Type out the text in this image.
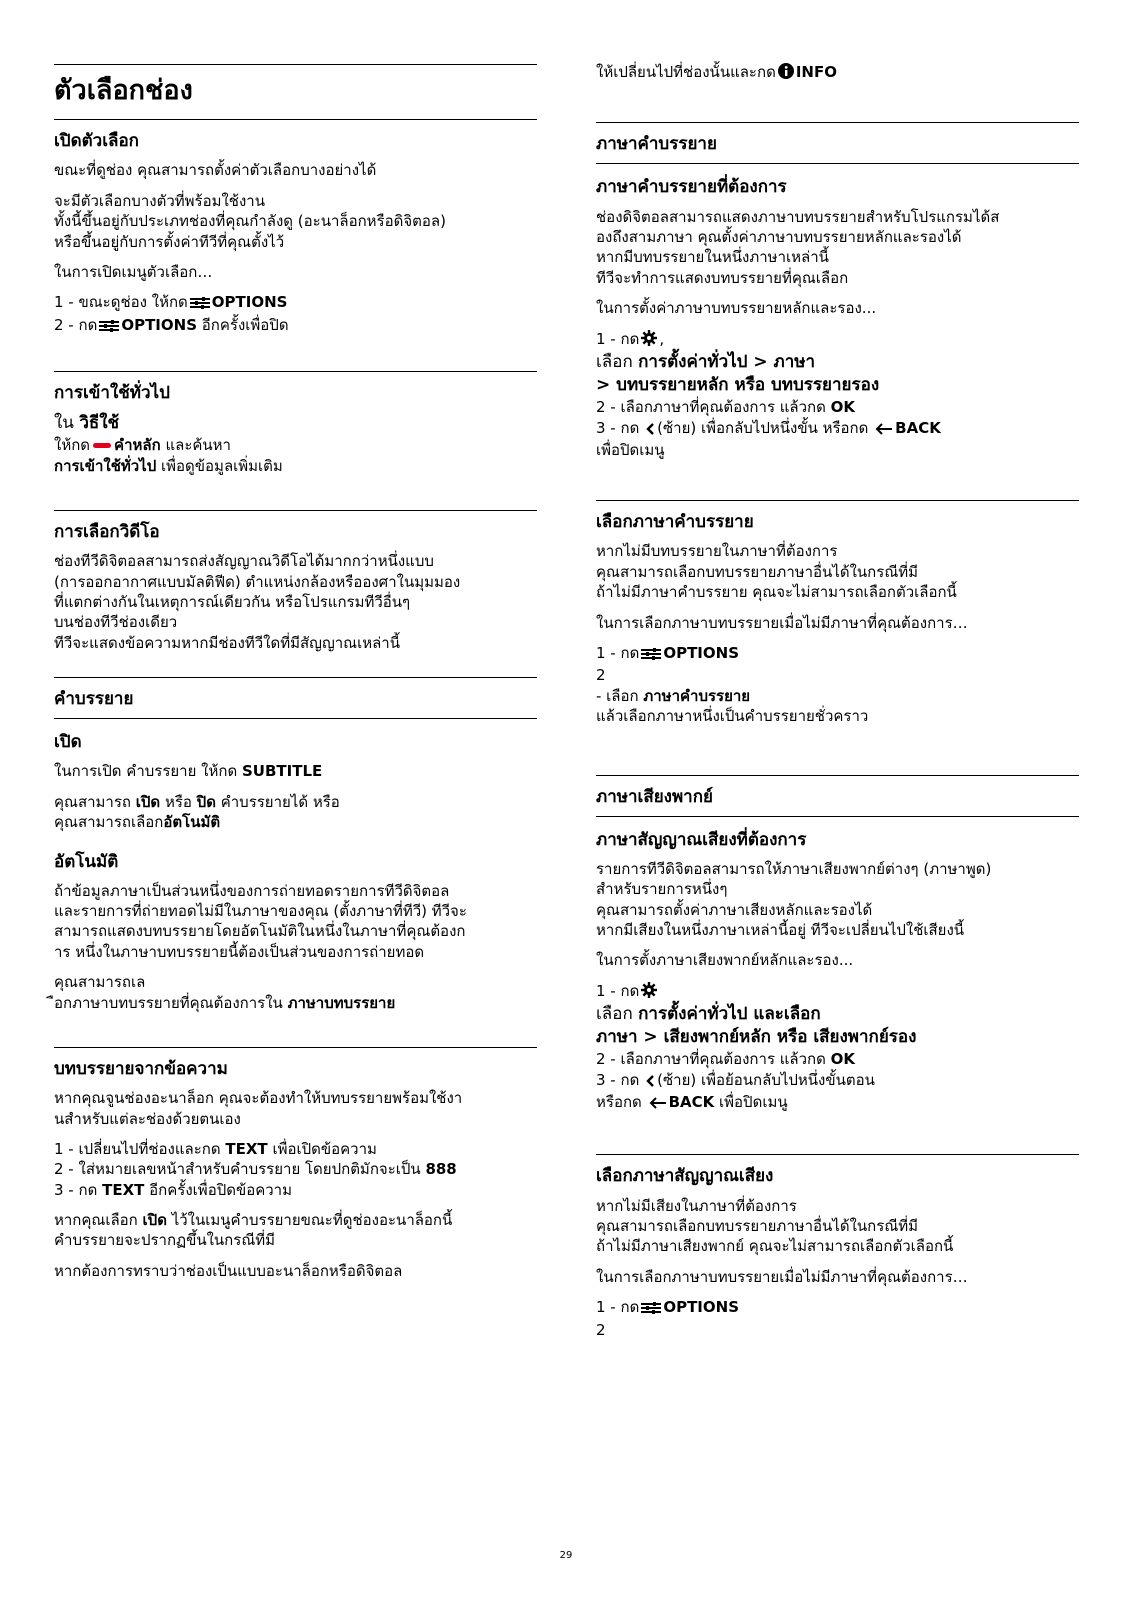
ตัวเลือกช่อง
เปิดตัวเลือก

ขณะที่ดูช่อง คุณสามารถตั้งค่าตัวเลือกบางอย่างได้

จะมีตัวเลือกบางตัวที่พร้อมใช้งาน
ทั้งนี้ขึ้นอยู่กับประเภทช่องที่คุณกำลังดู (อะนาล็อกหรือดิจิตอล)
หรือขึ้นอยู่กับการตั้งค่าทีวีที่คุณตั้งไว้

ในการเปิดเมนูตัวเลือก…

1 - ขณะดูช่อง ให้กด OPTIONS
2 - กด OPTIONS อีกครั้งเพื่อปิด
การเข้าใช้ทั่วไป
ใน วิธีใช้
ให้กด คำหลัก และค้นหา
การเข้าใช้ทั่วไป เพื่อดูข้อมูลเพิ่มเติม
การเลือกวิดีโอ

ช่องทีวีดิจิตอลสามารถส่งสัญญาณวิดีโอได้มากกว่าหนึ่งแบบ
(การออกอากาศแบบมัลติฟีด) ตำแหน่งกล้องหรือองศาในมุมมอง
ที่แตกต่างกันในเหตุการณ์เดียวกัน หรือโปรแกรมทีวีอื่นๆ
บนช่องทีวีช่องเดียว
ทีวีจะแสดงข้อความหากมีช่องทีวีใดที่มีสัญญาณเหล่านี้

คำบรรยาย
เปิด

ในการเปิด คำบรรยาย ให้กด SUBTITLE

คุณสามารถ เปิด หรือ ปิด คำบรรยายได้ หรือ
คุณสามารถเลือกอัตโนมัติ
อัตโนมัติ

ถ้าข้อมูลภาษาเป็นส่วนหนึ่งของการถ่ายทอดรายการทีวีดิจิตอล
และรายการที่ถ่ายทอดไม่มีในภาษาของคุณ (ตั้งภาษาที่ทีวี) ทีวีจะ
สามารถแสดงบทบรรยายโดยอัตโนมัติในหนึ่งในภาษาที่คุณต้องก
าร หนึ่งในภาษาบทบรรยายนี้ต้องเป็นส่วนของการถ่ายทอด

คุณสามารถเล
ือกภาษาบทบรรยายที่คุณต้องการใน ภาษาบทบรรยาย
บทบรรยายจากข้อความ

หากคุณจูนช่องอะนาล็อก คุณจะต้องทำให้บทบรรยายพร้อมใช้งา
นสำหรับแต่ละช่องด้วยตนเอง

1 - เปลี่ยนไปที่ช่องและกด TEXT เพื่อเปิดข้อความ
2 - ใส่หมายเลขหน้าสำหรับคำบรรยาย โดยปกติมักจะเป็น 888
3 - กด TEXT อีกครั้งเพื่อปิดข้อความ
หากคุณเลือก เปิด ไว้ในเมนูคำบรรยายขณะที่ดูช่องอะนาล็อกนี้
คำบรรยายจะปรากฏขึ้นในกรณีที่มี

หากต้องการทราบว่าช่องเป็นแบบอะนาล็อกหรือดิจิตอล

ให้เปลี่ยนไปที่ช่องนั้นและกด INFO
ภาษาคำบรรยาย
ภาษาคำบรรยายที่ต้องการ

ช่องดิจิตอลสามารถแสดงภาษาบทบรรยายสำหรับโปรแกรมได้ส
องถึงสามภาษา คุณตั้งค่าภาษาบทบรรยายหลักและรองได้
หากมีบทบรรยายในหนึ่งภาษาเหล่านี้
ทีวีจะทำการแสดงบทบรรยายที่คุณเลือก

ในการตั้งค่าภาษาบทบรรยายหลักและรอง...

1 - กด ,
เลือก การตั้งค่าทั่วไป > ภาษา
> บทบรรยายหลัก หรือ บทบรรยายรอง
2 - เลือกภาษาที่คุณต้องการ แล้วกด OK
3 - กด (ซ้าย) เพื่อกลับไปหนึ่งขั้น หรือกด BACK
เพื่อปิดเมนู
เลือกภาษาคำบรรยาย

หากไม่มีบทบรรยายในภาษาที่ต้องการ
คุณสามารถเลือกบทบรรยายภาษาอื่นได้ในกรณีที่มี
ถ้าไม่มีภาษาคำบรรยาย คุณจะไม่สามารถเลือกตัวเลือกนี้

ในการเลือกภาษาบทบรรยายเมื่อไม่มีภาษาที่คุณต้องการ…

1 - กด OPTIONS
2
- เลือก ภาษาคำบรรยาย
แล้วเลือกภาษาหนึ่งเป็นคำบรรยายชั่วคราว
ภาษาเสียงพากย์
ภาษาสัญญาณเสียงที่ต้องการ

รายการทีวีดิจิตอลสามารถให้ภาษาเสียงพากย์ต่างๆ (ภาษาพูด)
สำหรับรายการหนึ่งๆ
คุณสามารถตั้งค่าภาษาเสียงหลักและรองได้
หากมีเสียงในหนึ่งภาษาเหล่านี้อยู่ ทีวีจะเปลี่ยนไปใช้เสียงนี้

ในการตั้งภาษาเสียงพากย์หลักและรอง...

1 - กด
เลือก การตั้งค่าทั่วไป และเลือก
ภาษา > เสียงพากย์หลัก หรือ เสียงพากย์รอง
2 - เลือกภาษาที่คุณต้องการ แล้วกด OK
3 - กด (ซ้าย) เพื่อย้อนกลับไปหนึ่งขั้นตอน
หรือกด BACK เพื่อปิดเมนู
เลือกภาษาสัญญาณเสียง

หากไม่มีเสียงในภาษาที่ต้องการ
คุณสามารถเลือกบทบรรยายภาษาอื่นได้ในกรณีที่มี
ถ้าไม่มีภาษาเสียงพากย์ คุณจะไม่สามารถเลือกตัวเลือกนี้

ในการเลือกภาษาบทบรรยายเมื่อไม่มีภาษาที่คุณต้องการ…

1 - กด OPTIONS
2
29
